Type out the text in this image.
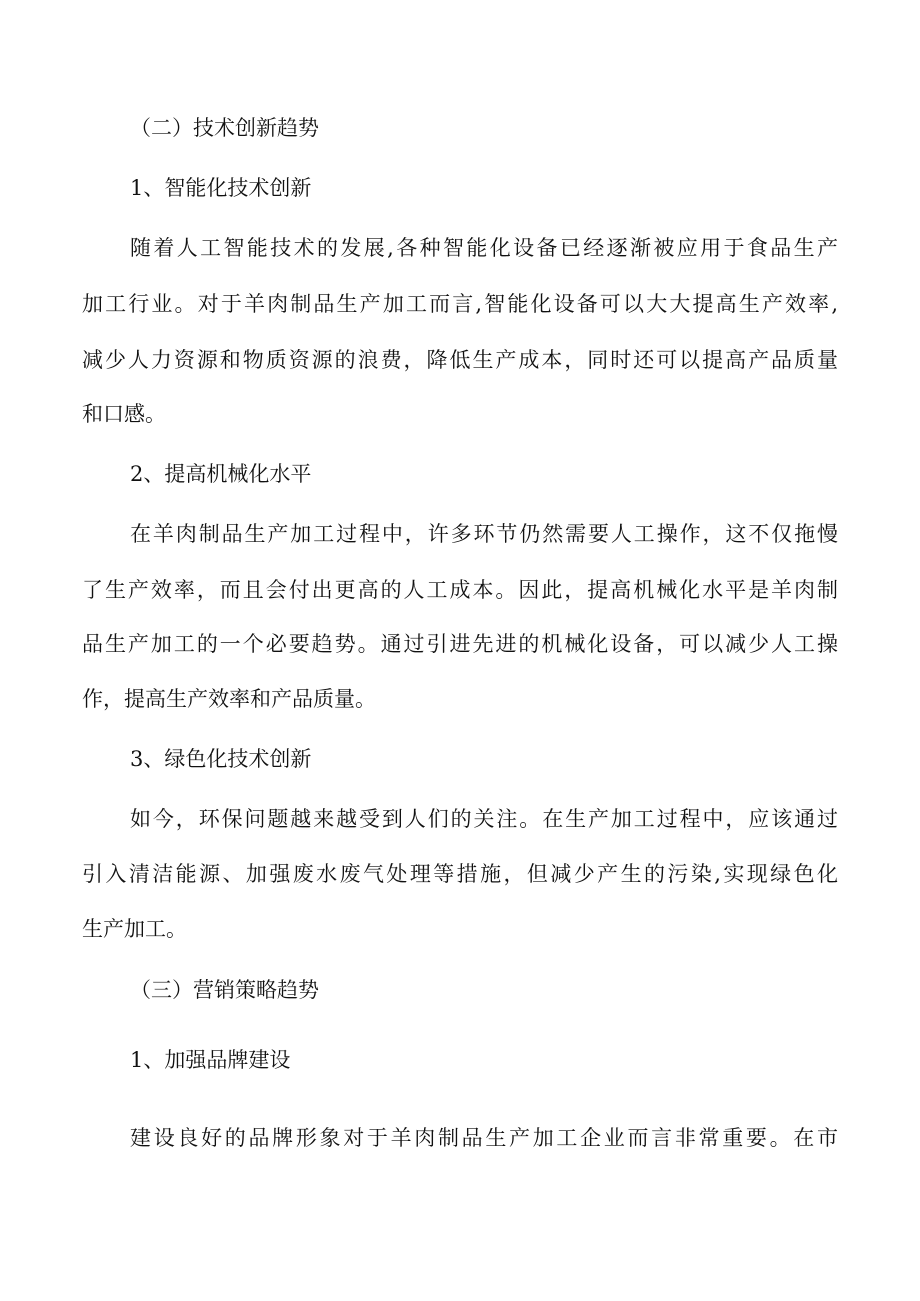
（二）技术创新趋势
1、智能化技术创新
随着人工智能技术的发展,各种智能化设备已经逐渐被应用于食品生产
加工行业。对于羊肉制品生产加工而言,智能化设备可以大大提高生产效率,
减少人力资源和物质资源的浪费，降低生产成本，同时还可以提高产品质量
和口感。
2、提高机械化水平
在羊肉制品生产加工过程中，许多环节仍然需要人工操作，这不仅拖慢
了生产效率，而且会付出更高的人工成本。因此，提高机械化水平是羊肉制
品生产加工的一个必要趋势。通过引进先进的机械化设备，可以减少人工操
作，提高生产效率和产品质量。
3、绿色化技术创新
如今，环保问题越来越受到人们的关注。在生产加工过程中，应该通过
引入清洁能源、加强废水废气处理等措施，但减少产生的污染,实现绿色化
生产加工。
（三）营销策略趋势
1、加强品牌建设
建设良好的品牌形象对于羊肉制品生产加工企业而言非常重要。在市
